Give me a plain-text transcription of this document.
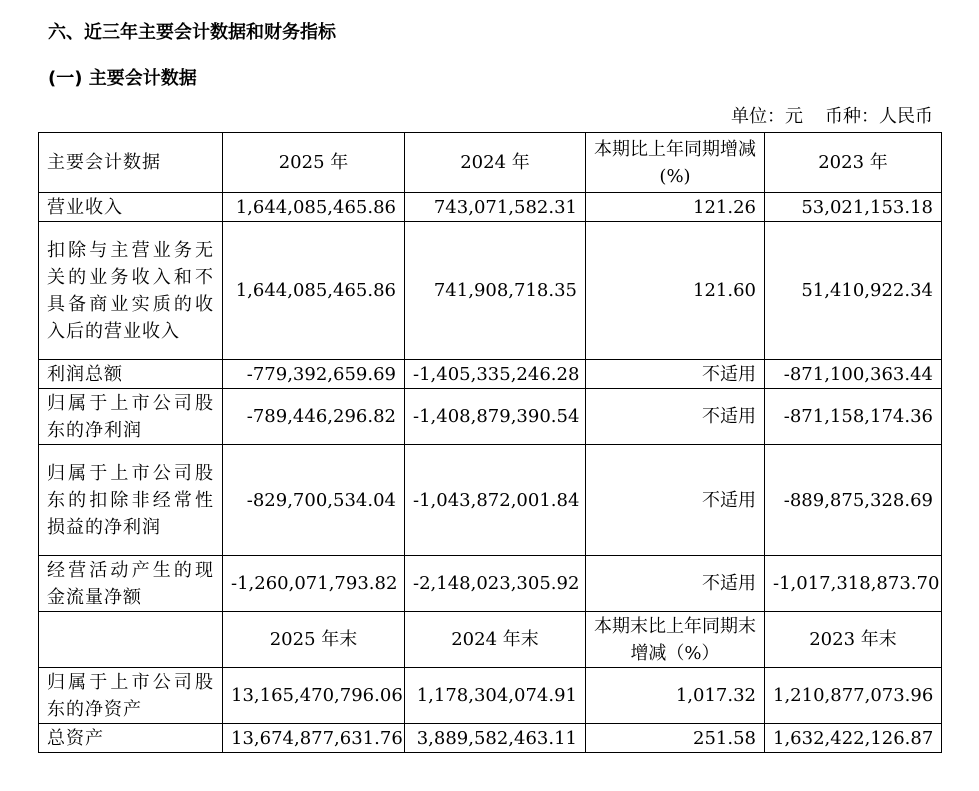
六、近三年主要会计数据和财务指标
(一) 主要会计数据
单位：元 币种：人民币
主要会计数据	2025 年	2024 年	本期比上年同期增减(%)	2023 年
营业收入	1,644,085,465.86	743,071,582.31	121.26	53,021,153.18
扣除与主营业务无关的业务收入和不具备商业实质的收入后的营业收入	1,644,085,465.86	741,908,718.35	121.60	51,410,922.34
利润总额	-779,392,659.69	-1,405,335,246.28	不适用	-871,100,363.44
归属于上市公司股东的净利润	-789,446,296.82	-1,408,879,390.54	不适用	-871,158,174.36
归属于上市公司股东的扣除非经常性损益的净利润	-829,700,534.04	-1,043,872,001.84	不适用	-889,875,328.69
经营活动产生的现金流量净额	-1,260,071,793.82	-2,148,023,305.92	不适用	-1,017,318,873.70
	2025 年末	2024 年末	本期末比上年同期末增减（%）	2023 年末
归属于上市公司股东的净资产	13,165,470,796.06	1,178,304,074.91	1,017.32	1,210,877,073.96
总资产	13,674,877,631.76	3,889,582,463.11	251.58	1,632,422,126.87
